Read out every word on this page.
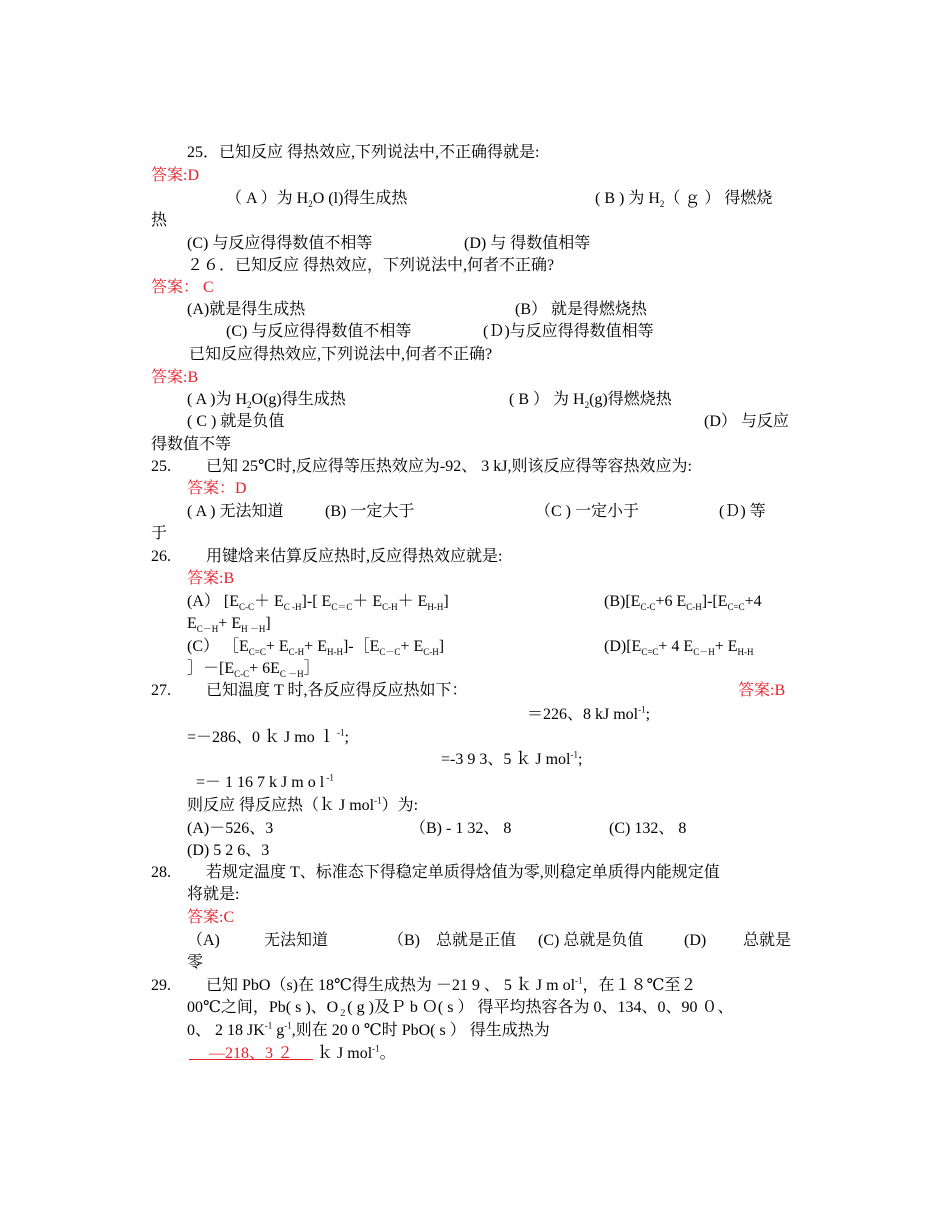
25．已知反应 得热效应,下列说法中,不正确得就是:
答案:D
（ A ）为 $H_2O$ (l)得生成热	( B ) 为 $H_2$（ ｇ ） 得燃烧
热
(C) 与反应得得数值不相等	(D) 与 得数值相等
２６．已知反应 得热效应，下列说法中,何者不正确?
答案： C
(A)就是得生成热	(B） 就是得燃烧热
(C) 与反应得得数值不相等	(Ｄ)与反应得得数值相等
已知反应得热效应,下列说法中,何者不正确?
答案:B
( A )为 $H_2O(g)$得生成热	( B ） 为 $H_2(g)$得燃烧热
( C ) 就是负值	(D） 与反应
得数值不等
25. 已知 25℃时,反应得等压热效应为-92、 3 kJ,则该反应得等容热效应为:
答案：D
( A ) 无法知道	(B) 一定大于	（C ) 一定小于	(Ｄ) 等
于
26. 用键焓来估算反应热时,反应得热效应就是:
答案:B
(A） $[E_{C-C}+ E_{C -H}]-$[ $E_{C=C}+ E_{C-H}+ E_{H-H}$]	$(B)[E_{C-C}+6$ $E_{C-H}]-[E_{C=C}+4$
$E_{C-H}+ E_{H -H}$]
(C） $[E_{C=C}+ E_{C-H}+$ $E_{H-H}]-[E_{C-C}+ E_{C-H}$]	$(D)[E_{C=C}+ 4$ $E_{C-H}+ E_{H-H}$
$]-[E_{C-C}+$ $6E_{C -H}]$
27. 已知温度 T 时,各反应得反应热如下：	答案:B
＝226、8 kJ mol$^{-1}$;
=－286、0 ｋ J mo ｌ $^{-1}$;
=-3 9 3、5 ｋ J mol$^{-1}$;
=－ 1 16 7 k J m o l $^{-1}$
则反应 得反应热（ｋ J mol$^{-1}$）为:
(A)－526、3	（B) - 1 32、 8	(C) 132、 8
(D) 5 2 6、3
28. 若规定温度 T、标准态下得稳定单质得焓值为零,则稳定单质得内能规定值
将就是:
答案:C
（A)	无法知道	（B) 总就是正值 (C) 总就是负值	(D) 总就是
零
29. 已知 PbO（s)在 18℃得生成热为 －21 9 、 5 ｋ J m $ol^{-1}$，在１８℃至２
00℃之间，Pb( s )、$O_2$( g )及Ｐ b Ｏ( s ） 得平均热容各为 0、134、0、90 ０、
0、 2 18 $JK^{-1}$ $g^{-1}$,则在 20 0 ℃时 PbO( s ） 得生成热为
　 —218、3 ２ 　 ｋ J mol$^{-1}$。
